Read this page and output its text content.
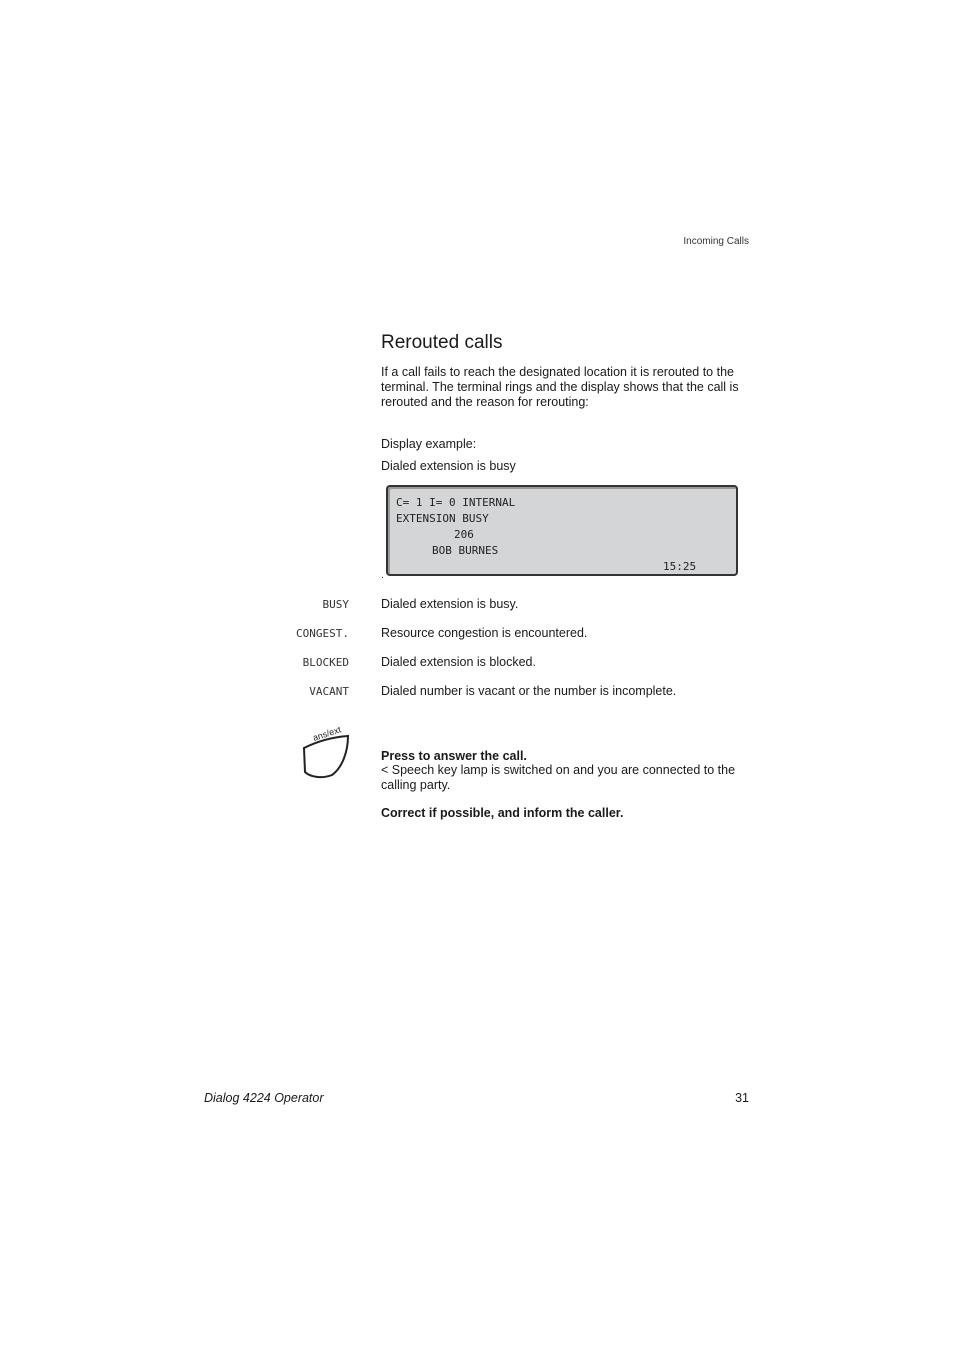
Incoming Calls
Rerouted calls

If a call fails to reach the designated location it is rerouted to the terminal. The terminal rings and the display shows that the call is rerouted and the reason for rerouting:

Display example:
Dialed extension is busy
C= 1 I= 0 INTERNAL
EXTENSION BUSY
206
BOB BURNES
15:25
.
BUSY	Dialed extension is busy.
CONGEST.	Resource congestion is encountered.
BLOCKED	Dialed extension is blocked.
VACANT	Dialed number is vacant or the number is incomplete.
ans/ext
Press to answer the call.
< Speech key lamp is switched on and you are connected to the
calling party.
Correct if possible, and inform the caller.
Dialog 4224 Operator	31
